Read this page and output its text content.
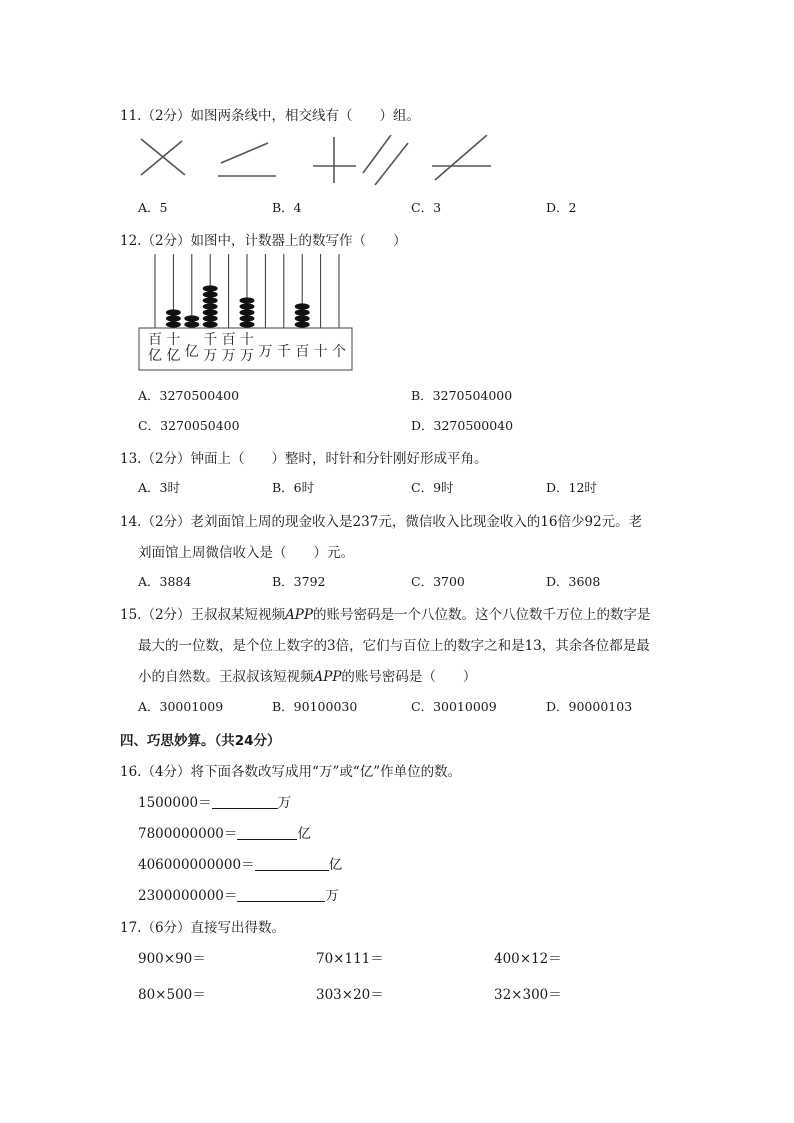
11.（2分）如图两条线中，相交线有（　　）组。
A．5	B．4	C．3	D．2
12.（2分）如图中，计数器上的数写作（　　）
百
亿
十
亿 亿
千
万
百
万
十
万 万 千 百 十 个
A．3270500400	B．3270504000
C．3270050400	D．3270500040
13.（2分）钟面上（　　）整时，时针和分针刚好形成平角。
A．3时	B．6时	C．9时	D．12时
14.（2分）老刘面馆上周的现金收入是237元，微信收入比现金收入的16倍少92元。老
刘面馆上周微信收入是（　　）元。
A．3884	B．3792	C．3700	D．3608
15.（2分）王叔叔某短视频APP的账号密码是一个八位数。这个八位数千万位上的数字是
最大的一位数，是个位上数字的3倍，它们与百位上的数字之和是13，其余各位都是最
小的自然数。王叔叔该短视频APP的账号密码是（　　）
A．30001009	B．90100030	C．30010009	D．90000103
四、巧思妙算。（共24分）
16.（4分）将下面各数改写成用“万”或“亿”作单位的数。
1500000＝	万
7800000000＝	亿
406000000000＝	亿
2300000000＝	万
17.（6分）直接写出得数。
900×90＝	70×111＝	400×12＝
80×500＝	303×20＝	32×300＝
